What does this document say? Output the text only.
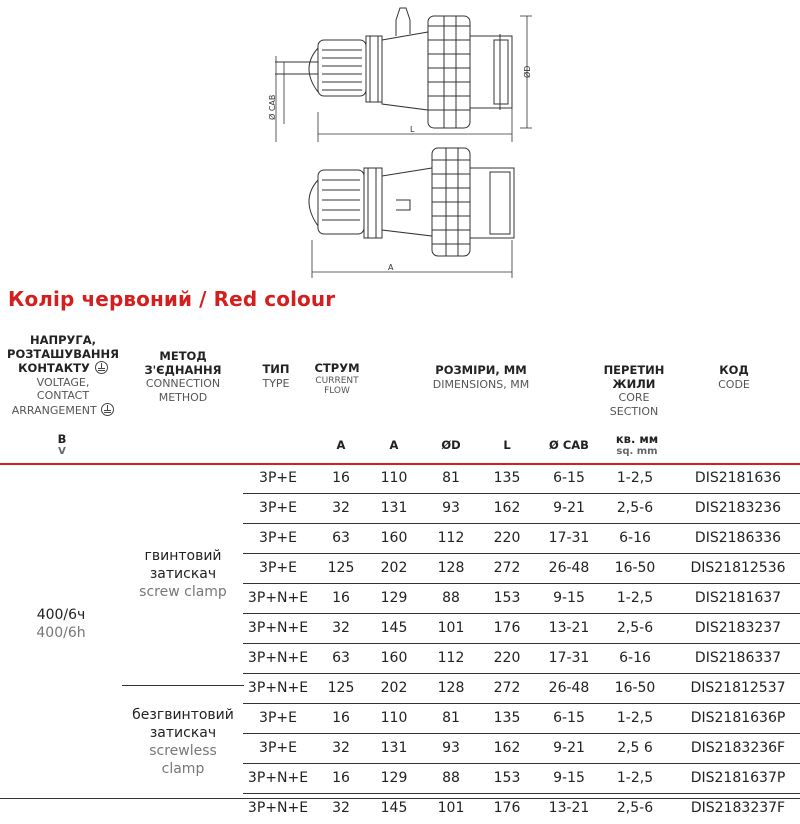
Ø CAB
ØD
L
A
Колір червоний / Red colour
НАПРУГА,
РОЗТАШУВАННЯ
КОНТАКТУ
VOLTAGE,
CONTACT
ARRANGEMENT
МЕТОД
З'ЄДНАННЯ
CONNECTION
METHOD
ТИП
TYPE
СТРУМ
CURRENT
FLOW
РОЗМІРИ, ММ
DIMENSIONS, MM
ПЕРЕТИН
ЖИЛИ
CORE
SECTION
КОД
CODE
В
V	A	A	ØD	L	Ø CAB	кв. мм
sq. mm
400/6ч
400/6h
гвинтовий
затискач
screw clamp
безгвинтовий
затискач
screwless
clamp
3P+E	16	110	81	135	6-15	1-2,5	DIS2181636
3P+E	32	131	93	162	9-21	2,5-6	DIS2183236
3P+E	63	160	112	220	17-31	6-16	DIS2186336
3P+E	125	202	128	272	26-48	16-50	DIS21812536
3P+N+E	16	129	88	153	9-15	1-2,5	DIS2181637
3P+N+E	32	145	101	176	13-21	2,5-6	DIS2183237
3P+N+E	63	160	112	220	17-31	6-16	DIS2186337
3P+N+E	125	202	128	272	26-48	16-50	DIS21812537
3P+E	16	110	81	135	6-15	1-2,5	DIS2181636P
3P+E	32	131	93	162	9-21	2,5 6	DIS2183236F
3P+N+E	16	129	88	153	9-15	1-2,5	DIS2181637P
3P+N+E	32	145	101	176	13-21	2,5-6	DIS2183237F
